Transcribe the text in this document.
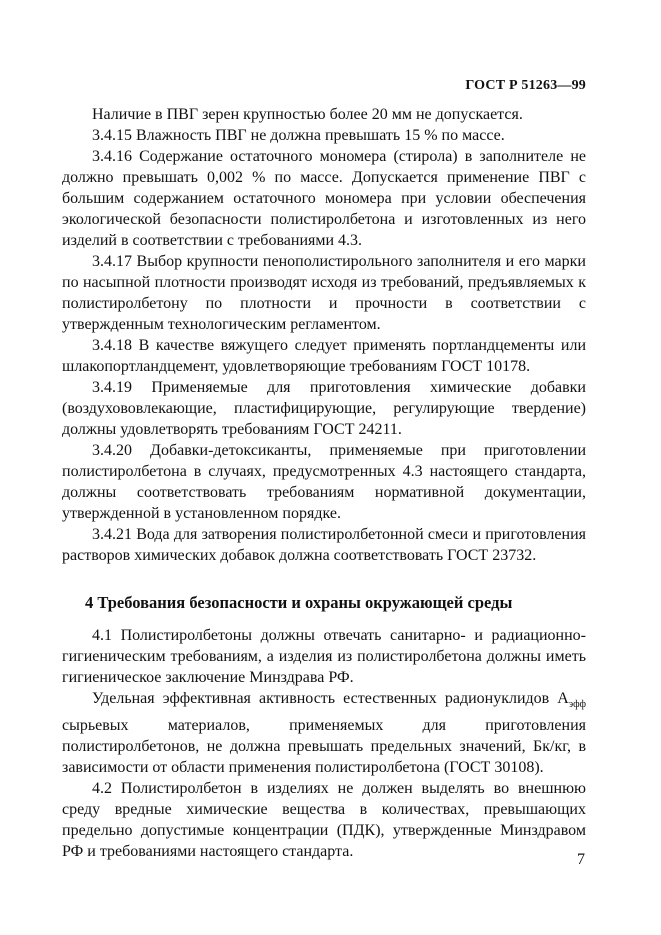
ГОСТ Р 51263—99

Наличие в ПВГ зерен крупностью более 20 мм не допускается.

3.4.15 Влажность ПВГ не должна превышать 15 % по массе.

3.4.16 Содержание остаточного мономера (стирола) в заполнителе не должно превышать 0,002 % по массе. Допускается применение ПВГ с большим содержанием остаточного мономера при условии обеспечения экологической безопасности полистиролбетона и изготовленных из него изделий в соответствии с требованиями 4.3.

3.4.17 Выбор крупности пенополистирольного заполнителя и его марки по насыпной плотности производят исходя из требований, предъявляемых к полистиролбетону по плотности и прочности в соответствии с утвержденным технологическим регламентом.

3.4.18 В качестве вяжущего следует применять портландцементы или шлакопортландцемент, удовлетворяющие требованиям ГОСТ 10178.

3.4.19 Применяемые для приготовления химические добавки (воздухововлекающие, пластифицирующие, регулирующие твердение) должны удовлетворять требованиям ГОСТ 24211.

3.4.20 Добавки-детоксиканты, применяемые при приготовлении полистиролбетона в случаях, предусмотренных 4.3 настоящего стандарта, должны соответствовать требованиям нормативной документации, утвержденной в установленном порядке.

3.4.21 Вода для затворения полистиролбетонной смеси и приготовления растворов химических добавок должна соответствовать ГОСТ 23732.

4 Требования безопасности и охраны окружающей среды

4.1 Полистиролбетоны должны отвечать санитарно- и радиационно-гигиеническим требованиям, а изделия из полистиролбетона должны иметь гигиеническое заключение Минздрава РФ.

Удельная эффективная активность естественных радионуклидов $А_{эфф}$ сырьевых материалов, применяемых для приготовления полистиролбетонов, не должна превышать предельных значений, Бк/кг, в зависимости от области применения полистиролбетона (ГОСТ 30108).

4.2 Полистиролбетон в изделиях не должен выделять во внешнюю среду вредные химические вещества в количествах, превышающих предельно допустимые концентрации (ПДК), утвержденные Минздравом РФ и требованиями настоящего стандарта.	7
